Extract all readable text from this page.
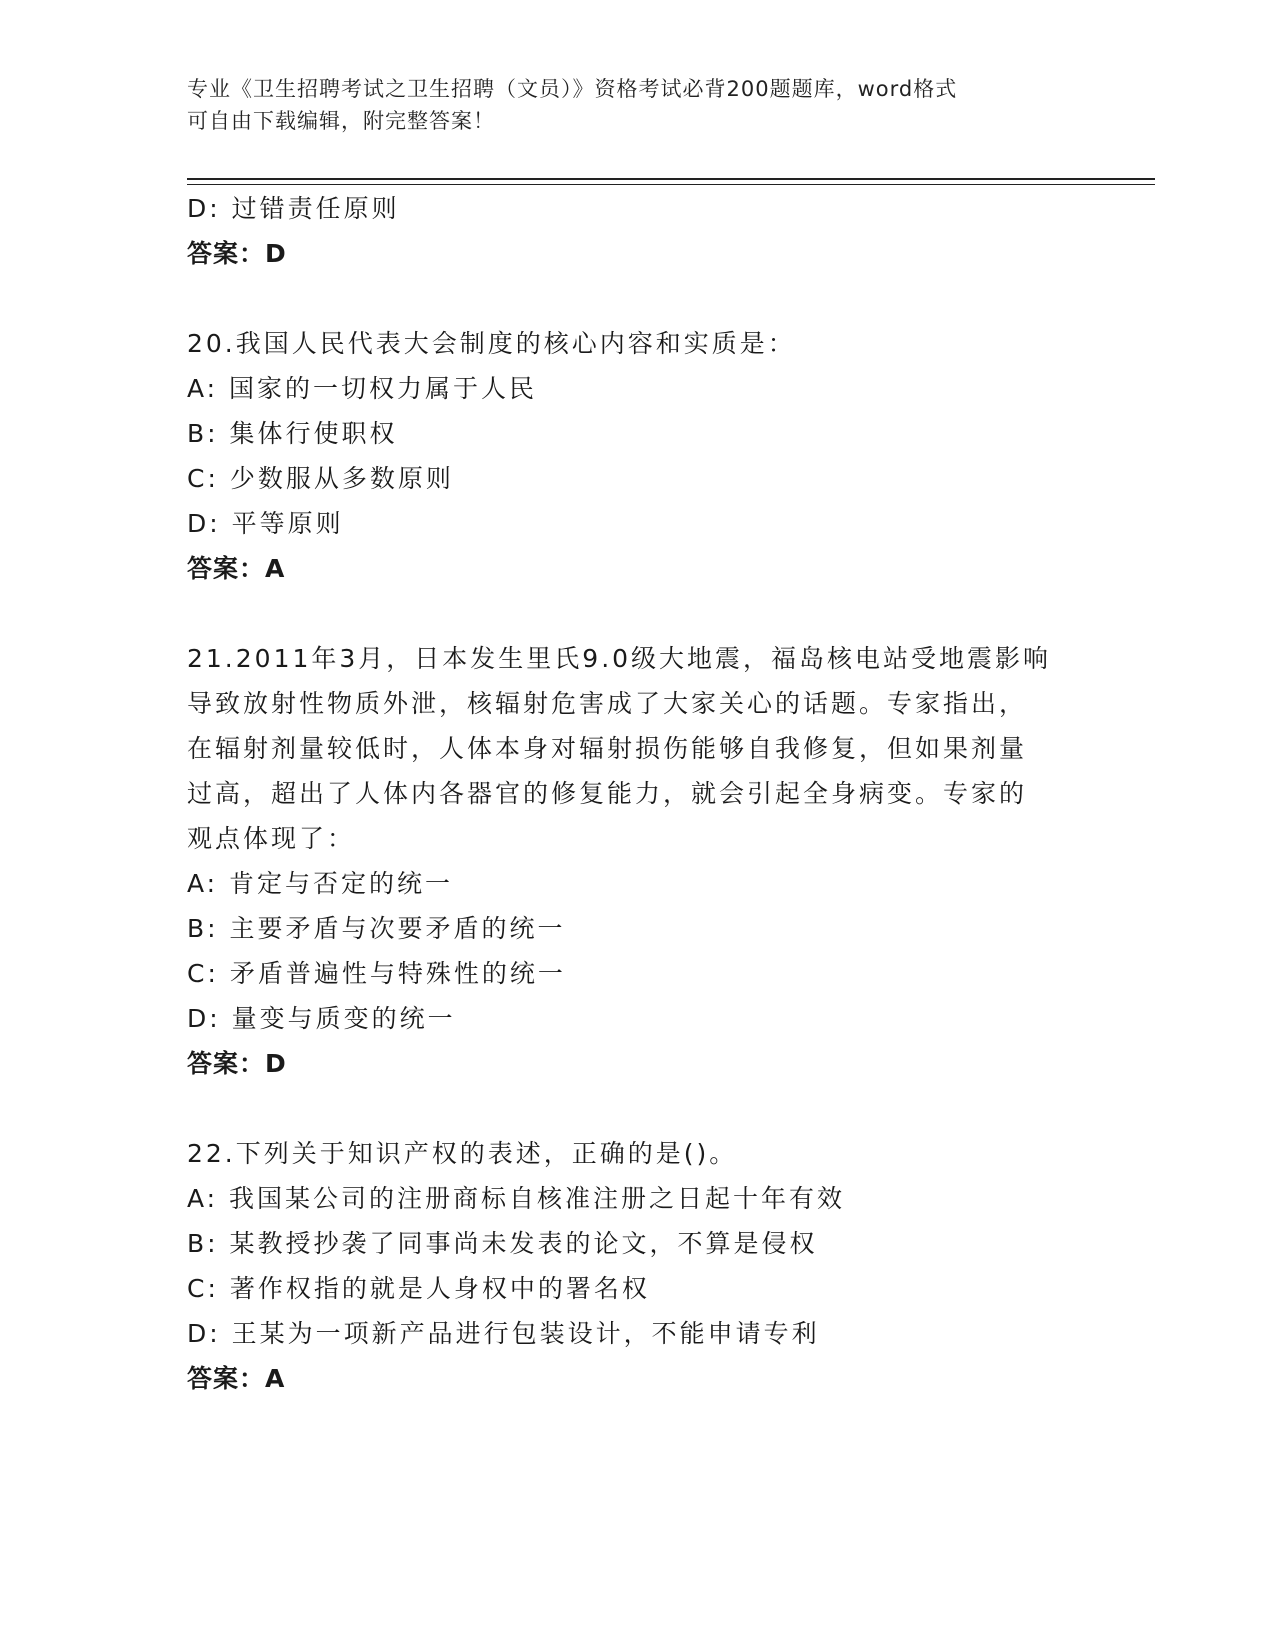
专业《卫生招聘考试之卫生招聘（文员）》资格考试必背200题题库，word格式
可自由下载编辑，附完整答案！
D: 过错责任原则
答案：D
20.我国人民代表大会制度的核心内容和实质是：
A: 国家的一切权力属于人民
B: 集体行使职权
C: 少数服从多数原则
D: 平等原则
答案：A
21.2011年3月，日本发生里氏9.0级大地震，福岛核电站受地震影响
导致放射性物质外泄，核辐射危害成了大家关心的话题。专家指出，
在辐射剂量较低时，人体本身对辐射损伤能够自我修复，但如果剂量
过高，超出了人体内各器官的修复能力，就会引起全身病变。专家的
观点体现了：
A: 肯定与否定的统一
B: 主要矛盾与次要矛盾的统一
C: 矛盾普遍性与特殊性的统一
D: 量变与质变的统一
答案：D
22.下列关于知识产权的表述，正确的是()。
A: 我国某公司的注册商标自核准注册之日起十年有效
B: 某教授抄袭了同事尚未发表的论文，不算是侵权
C: 著作权指的就是人身权中的署名权
D: 王某为一项新产品进行包装设计，不能申请专利
答案：A
